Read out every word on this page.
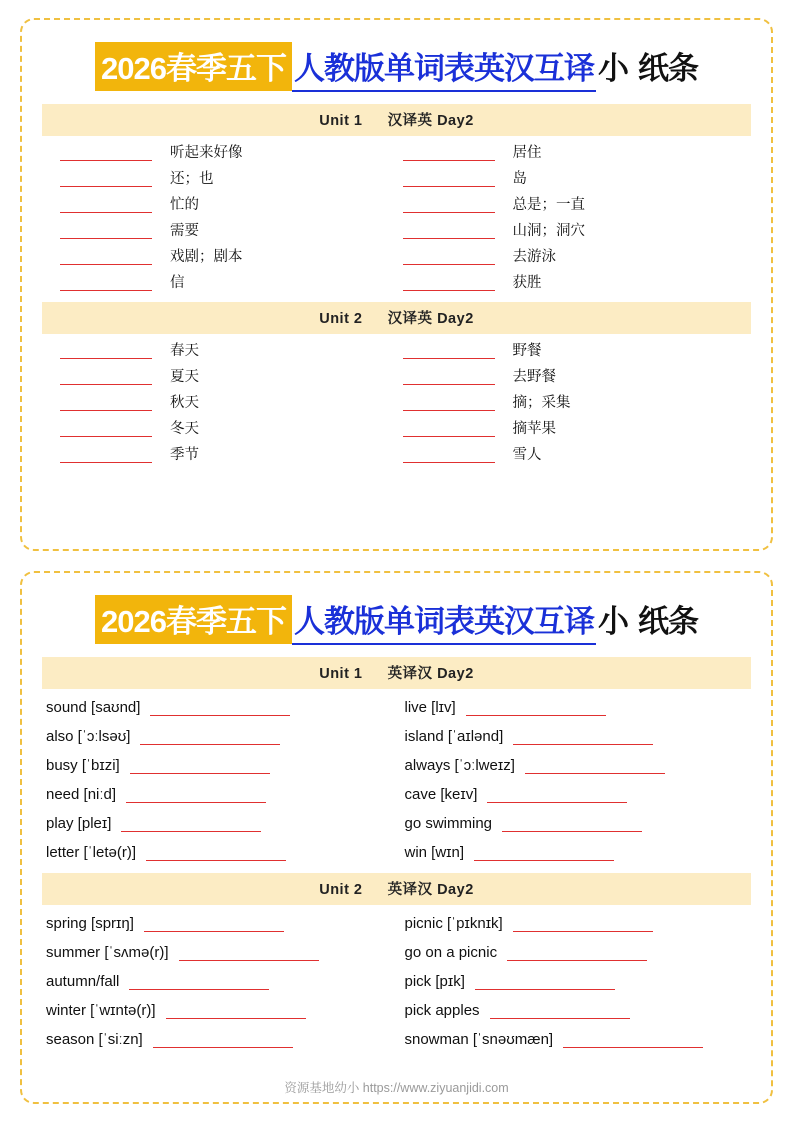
2026春季五下 人教版单词表英汉互译 小 纸条
Unit 1 汉译英 Day2
听起来好像	居住
还；也	岛
忙的	总是；一直
需要	山洞；洞穴
戏剧；剧本	去游泳
信	获胜
Unit 2 汉译英 Day2
春天	野餐
夏天	去野餐
秋天	摘；采集
冬天	摘苹果
季节	雪人
2026春季五下 人教版单词表英汉互译 小 纸条
Unit 1 英译汉 Day2
sound [saʊnd]	live [lɪv]
also [ˈɔːlsəʊ]	island [ˈaɪlənd]
busy [ˈbɪzi]	always [ˈɔːlweɪz]
need [niːd]	cave [keɪv]
play [pleɪ]	go swimming
letter [ˈletə(r)]	win [wɪn]
Unit 2 英译汉 Day2
spring [sprɪŋ]	picnic [ˈpɪknɪk]
summer [ˈsʌmə(r)]	go on a picnic
autumn/fall	pick [pɪk]
winter [ˈwɪntə(r)]	pick apples
season [ˈsiːzn]	snowman [ˈsnəʊmæn]
资源基地幼小 https://www.ziyuanjidi.com
